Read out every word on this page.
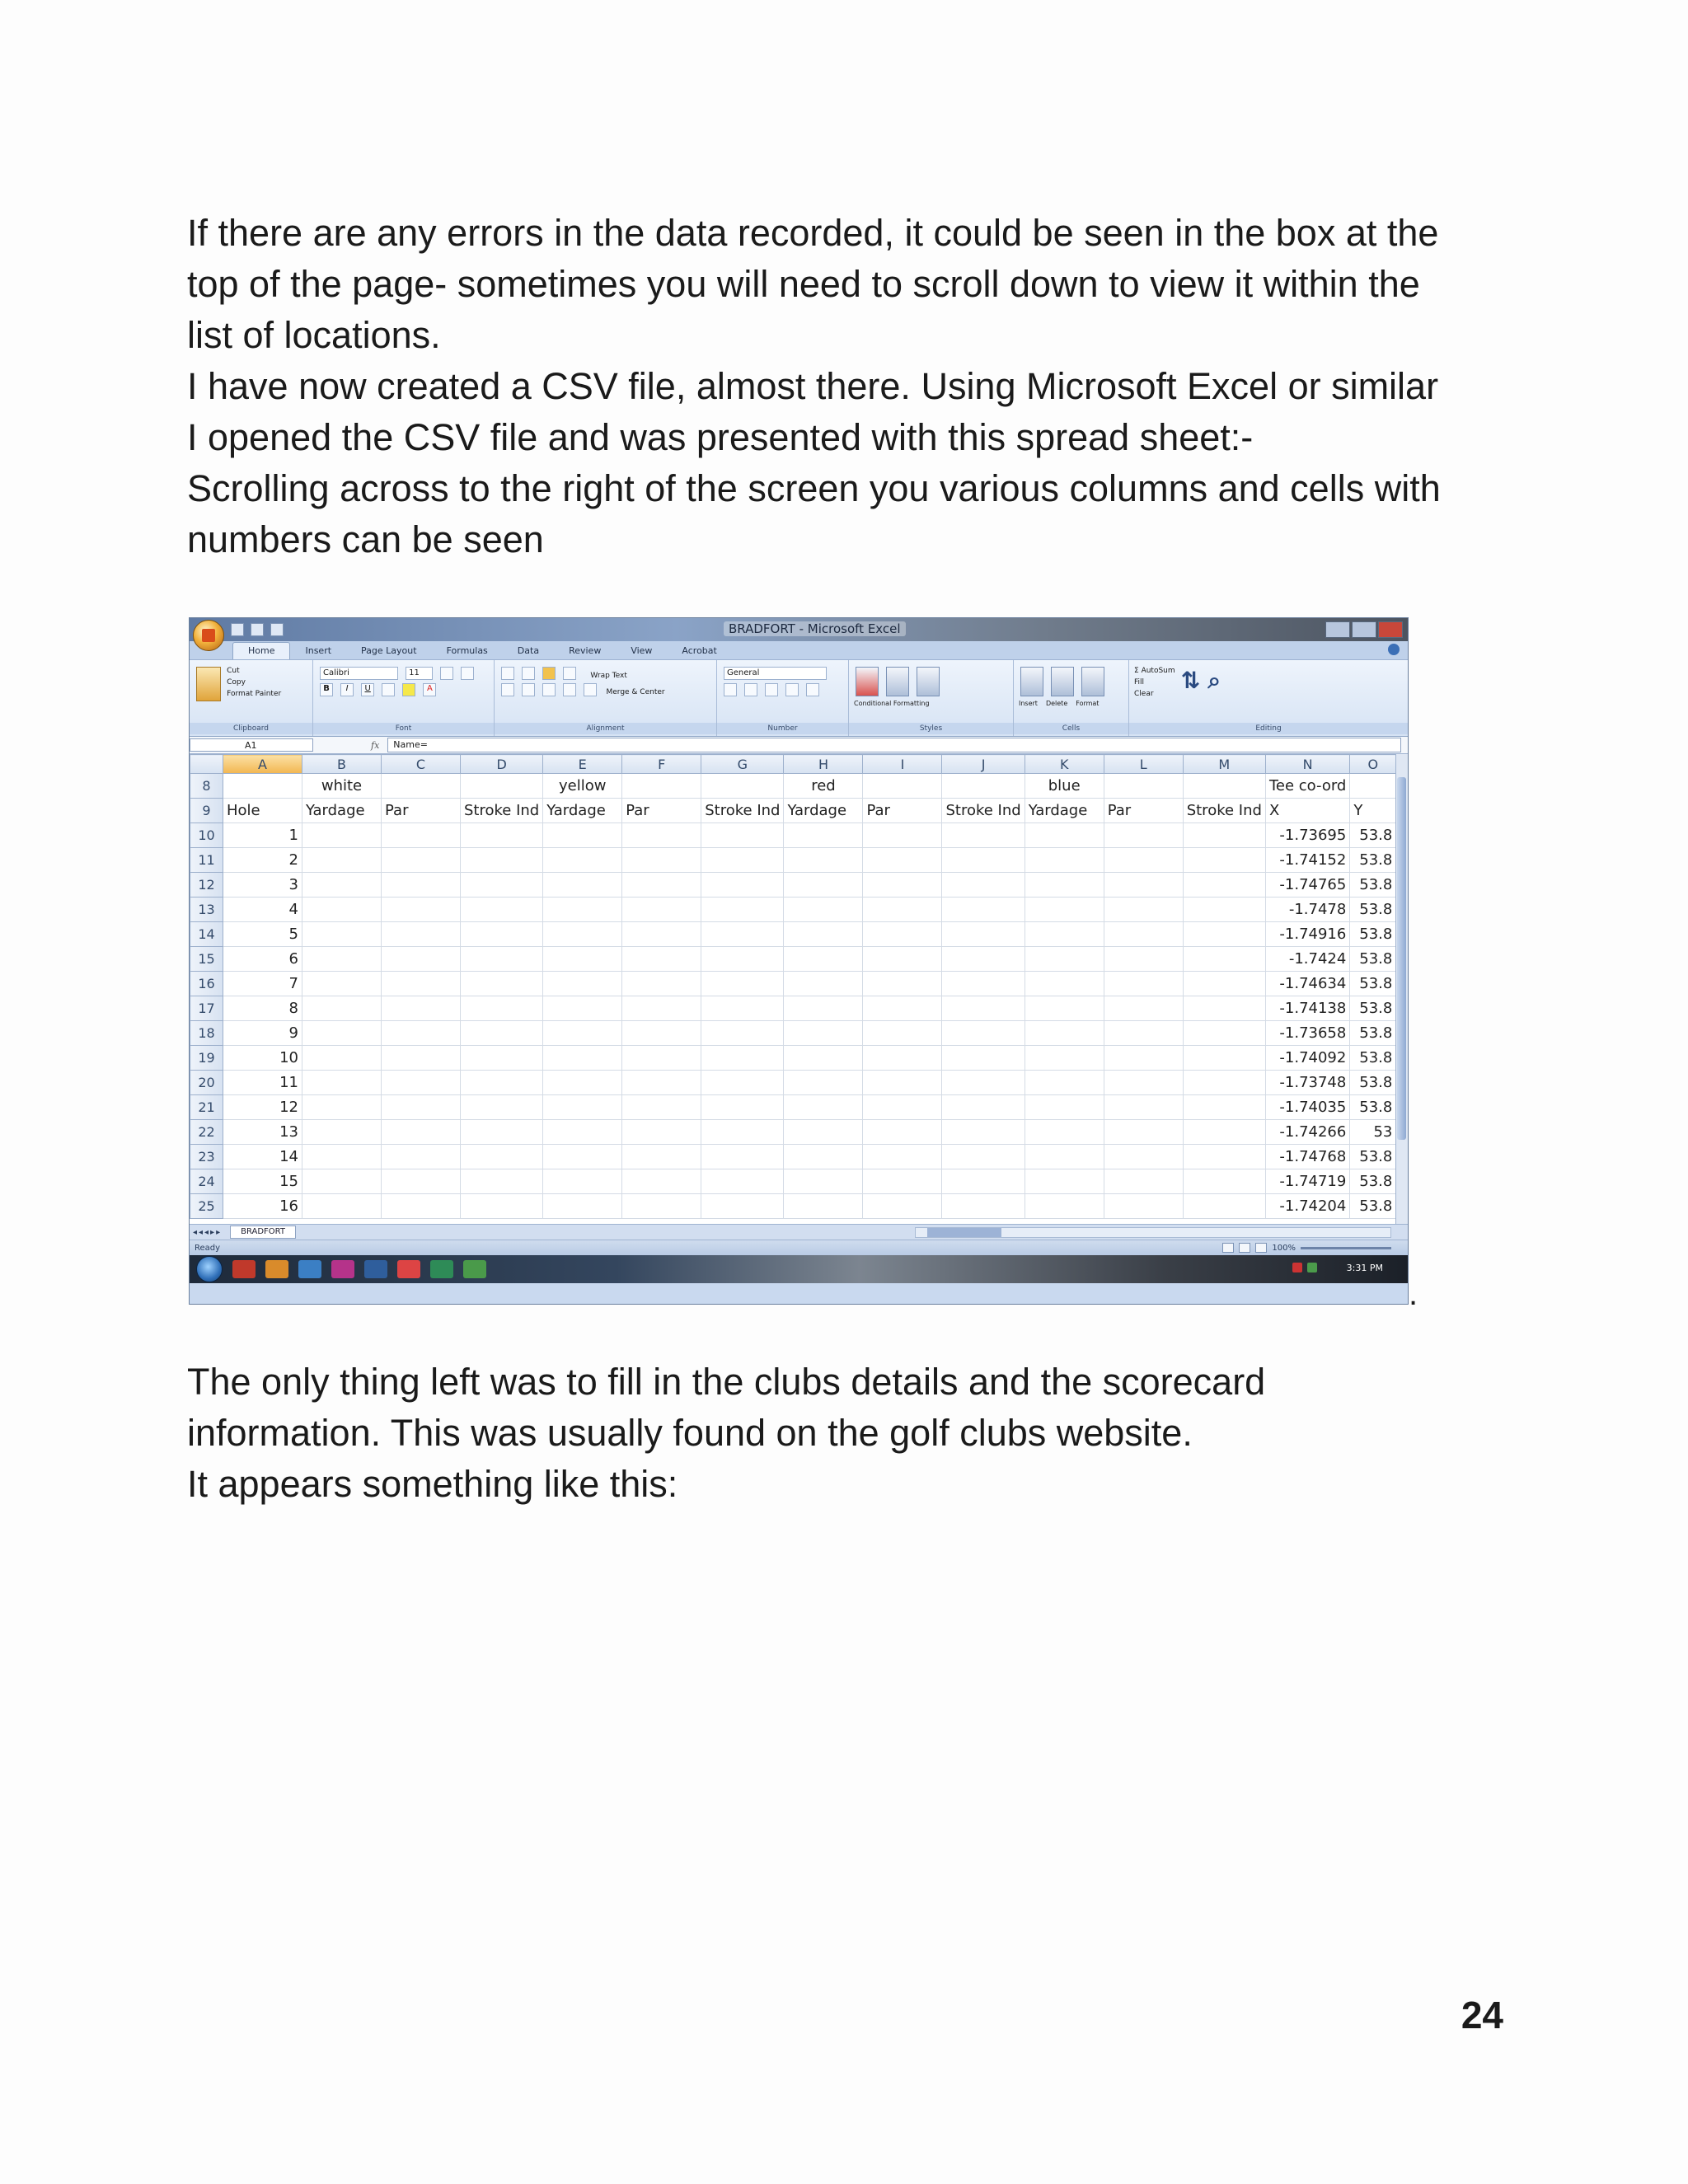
If there are any errors in the data recorded, it could be seen in the box at the

top of the page- sometimes you will need to scroll down to view it within the

list of locations.

I have now created a CSV file, almost there. Using Microsoft Excel or similar

I opened the CSV file and was presented with this spread sheet:-

Scrolling across to the right of the screen you various columns and cells with

numbers can be seen

BRADFORT - Microsoft Excel
Home	Insert	Page Layout	Formulas	Data	Review	View	Acrobat

Cut
Copy
Format Painter
Clipboard
Calibri	11
B I U	A
Font
Wrap Text
Merge & Center
Alignment
General

Number

Conditional Formatting
Styles

Insert Delete Format
Cells
Σ AutoSum
Fill
Clear	⇅ ⌕
Editing
A1	fx	Name=
	A	B	C	D	E	F	G	H	I	J	K	L	M	N	O
8		white			yellow			red			blue			Tee co-ord	
9	Hole	Yardage	Par	Stroke Ind	Yardage	Par	Stroke Ind	Yardage	Par	Stroke Ind	Yardage	Par	Stroke Ind	X	Y
10	1													-1.73695	53.8
11	2													-1.74152	53.8
12	3													-1.74765	53.8
13	4													-1.7478	53.8
14	5													-1.74916	53.8
15	6													-1.7424	53.8
16	7													-1.74634	53.8
17	8													-1.74138	53.8
18	9													-1.73658	53.8
19	10													-1.74092	53.8
20	11													-1.73748	53.8
21	12													-1.74035	53.8
22	13													-1.74266	53
23	14													-1.74768	53.8
24	15													-1.74719	53.8
25	16													-1.74204	53.8
◂◂◂▸▸	BRADFORT
Ready	100%
3:31 PM
.

The only thing left was to fill in the clubs details and the scorecard

information. This was usually found on the golf clubs website.

It appears something like this:

24
